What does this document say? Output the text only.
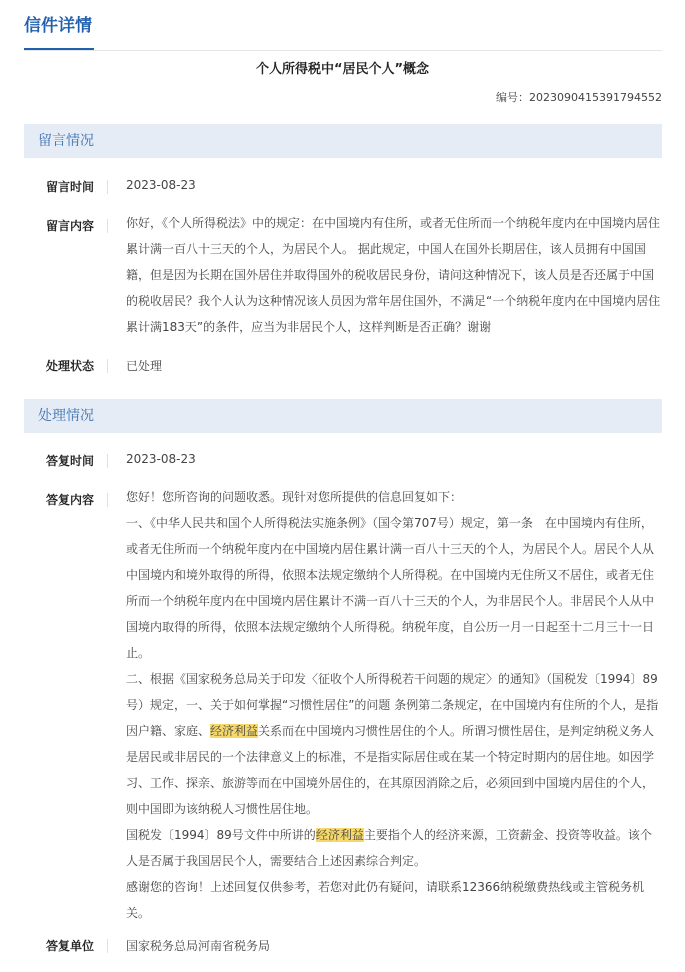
信件详情
个人所得税中“居民个人”概念
编号：2023090415391794552
留言情况
留言时间	2023-08-23
留言内容	你好，《个人所得税法》中的规定：在中国境内有住所，或者无住所而一个纳税年度内在中国境内居住累计满一百八十三天的个人，为居民个人。 据此规定，中国人在国外长期居住，该人员拥有中国国籍，但是因为长期在国外居住并取得国外的税收居民身份，请问这种情况下，该人员是否还属于中国的税收居民？我个人认为这种情况该人员因为常年居住国外，不满足“一个纳税年度内在中国境内居住累计满183天”的条件，应当为非居民个人，这样判断是否正确？谢谢
处理状态	已处理
处理情况
答复时间	2023-08-23
答复内容	您好！您所咨询的问题收悉。现针对您所提供的信息回复如下：

一、《中华人民共和国个人所得税法实施条例》（国令第707号）规定，第一条　在中国境内有住所，或者无住所而一个纳税年度内在中国境内居住累计满一百八十三天的个人，为居民个人。居民个人从中国境内和境外取得的所得，依照本法规定缴纳个人所得税。在中国境内无住所又不居住，或者无住所而一个纳税年度内在中国境内居住累计不满一百八十三天的个人，为非居民个人。非居民个人从中国境内取得的所得，依照本法规定缴纳个人所得税。纳税年度，自公历一月一日起至十二月三十一日止。

二、根据《国家税务总局关于印发〈征收个人所得税若干问题的规定〉的通知》（国税发〔1994〕89号）规定，一、关于如何掌握“习惯性居住”的问题 条例第二条规定，在中国境内有住所的个人，是指因户籍、家庭、经济利益关系而在中国境内习惯性居住的个人。所谓习惯性居住，是判定纳税义务人是居民或非居民的一个法律意义上的标准，不是指实际居住或在某一个特定时期内的居住地。如因学习、工作、探亲、旅游等而在中国境外居住的，在其原因消除之后，必须回到中国境内居住的个人，则中国即为该纳税人习惯性居住地。

国税发〔1994〕89号文件中所讲的经济利益主要指个人的经济来源，工资薪金、投资等收益。该个人是否属于我国居民个人，需要结合上述因素综合判定。

感谢您的咨询！上述回复仅供参考，若您对此仍有疑问，请联系12366纳税缴费热线或主管税务机关。

答复单位	国家税务总局河南省税务局
